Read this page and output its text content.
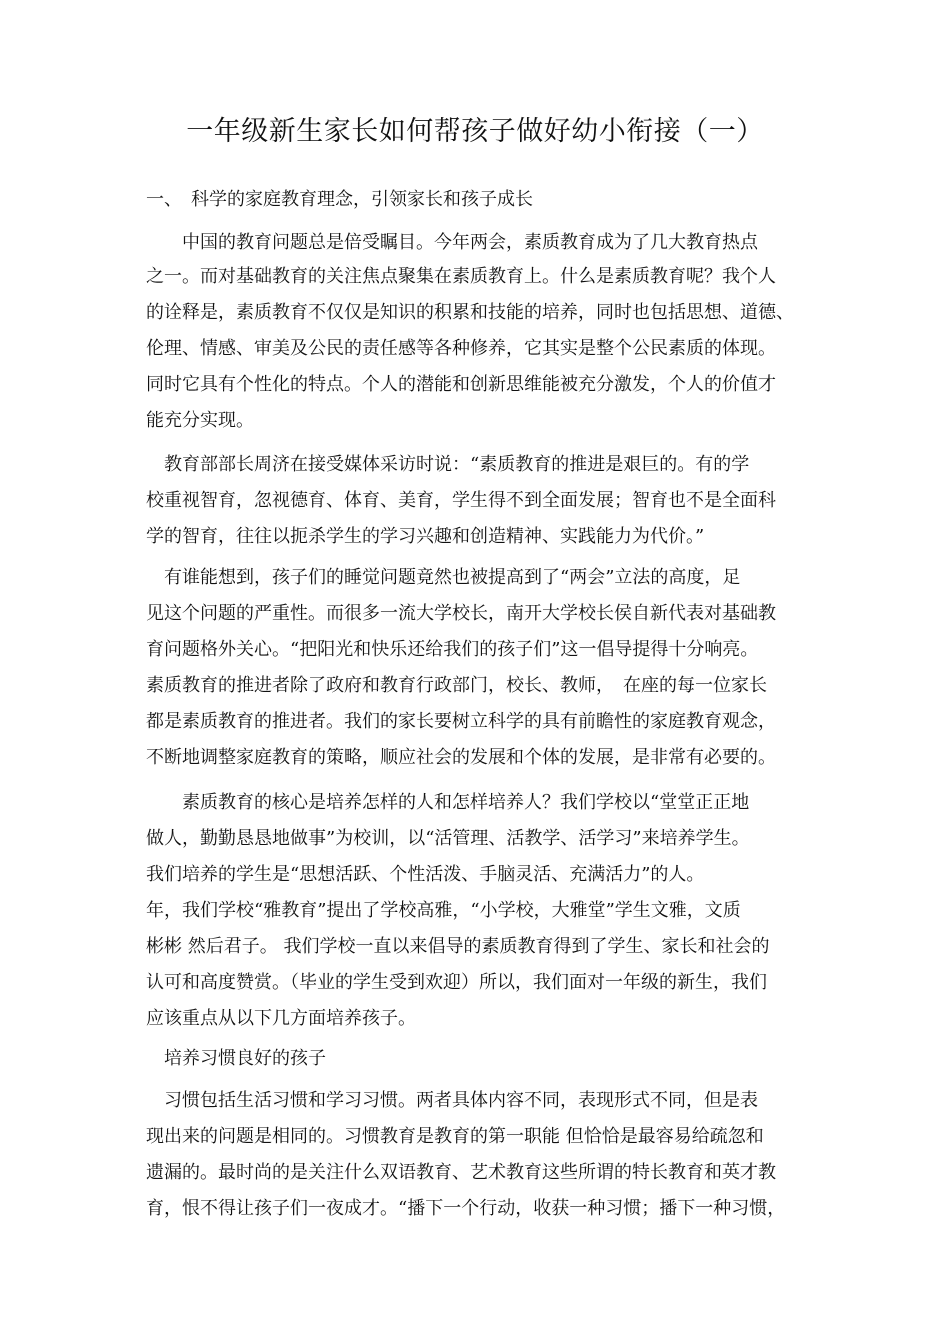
一年级新生家长如何帮孩子做好幼小衔接（一）
一、　科学的家庭教育理念，引领家长和孩子成长
　　中国的教育问题总是倍受瞩目。今年两会，素质教育成为了几大教育热点
之一。而对基础教育的关注焦点聚集在素质教育上。什么是素质教育呢？我个人
的诠释是，素质教育不仅仅是知识的积累和技能的培养，同时也包括思想、道德、
伦理、情感、审美及公民的责任感等各种修养，它其实是整个公民素质的体现。
同时它具有个性化的特点。个人的潜能和创新思维能被充分激发，个人的价值才
能充分实现。
　教育部部长周济在接受媒体采访时说：“素质教育的推进是艰巨的。有的学
校重视智育，忽视德育、体育、美育，学生得不到全面发展；智育也不是全面科
学的智育，往往以扼杀学生的学习兴趣和创造精神、实践能力为代价。”
　有谁能想到，孩子们的睡觉问题竟然也被提高到了“两会”立法的高度，足
见这个问题的严重性。而很多一流大学校长，南开大学校长侯自新代表对基础教
育问题格外关心。“把阳光和快乐还给我们的孩子们”这一倡导提得十分响亮。
素质教育的推进者除了政府和教育行政部门，校长、教师，　在座的每一位家长
都是素质教育的推进者。我们的家长要树立科学的具有前瞻性的家庭教育观念，
不断地调整家庭教育的策略，顺应社会的发展和个体的发展，是非常有必要的。
　　素质教育的核心是培养怎样的人和怎样培养人？我们学校以“堂堂正正地
做人，勤勤恳恳地做事”为校训，以“活管理、活教学、活学习”来培养学生。
我们培养的学生是“思想活跃、个性活泼、手脑灵活、充满活力”的人。
年，我们学校“雅教育”提出了学校高雅，“小学校，大雅堂”学生文雅，文质
彬彬 然后君子。 我们学校一直以来倡导的素质教育得到了学生、家长和社会的
认可和高度赞赏。（毕业的学生受到欢迎）所以，我们面对一年级的新生，我们
应该重点从以下几方面培养孩子。
　培养习惯良好的孩子
　习惯包括生活习惯和学习习惯。两者具体内容不同，表现形式不同，但是表
现出来的问题是相同的。习惯教育是教育的第一职能 但恰恰是最容易给疏忽和
遗漏的。最时尚的是关注什么双语教育、艺术教育这些所谓的特长教育和英才教
育，恨不得让孩子们一夜成才。“播下一个行动，收获一种习惯；播下一种习惯，
